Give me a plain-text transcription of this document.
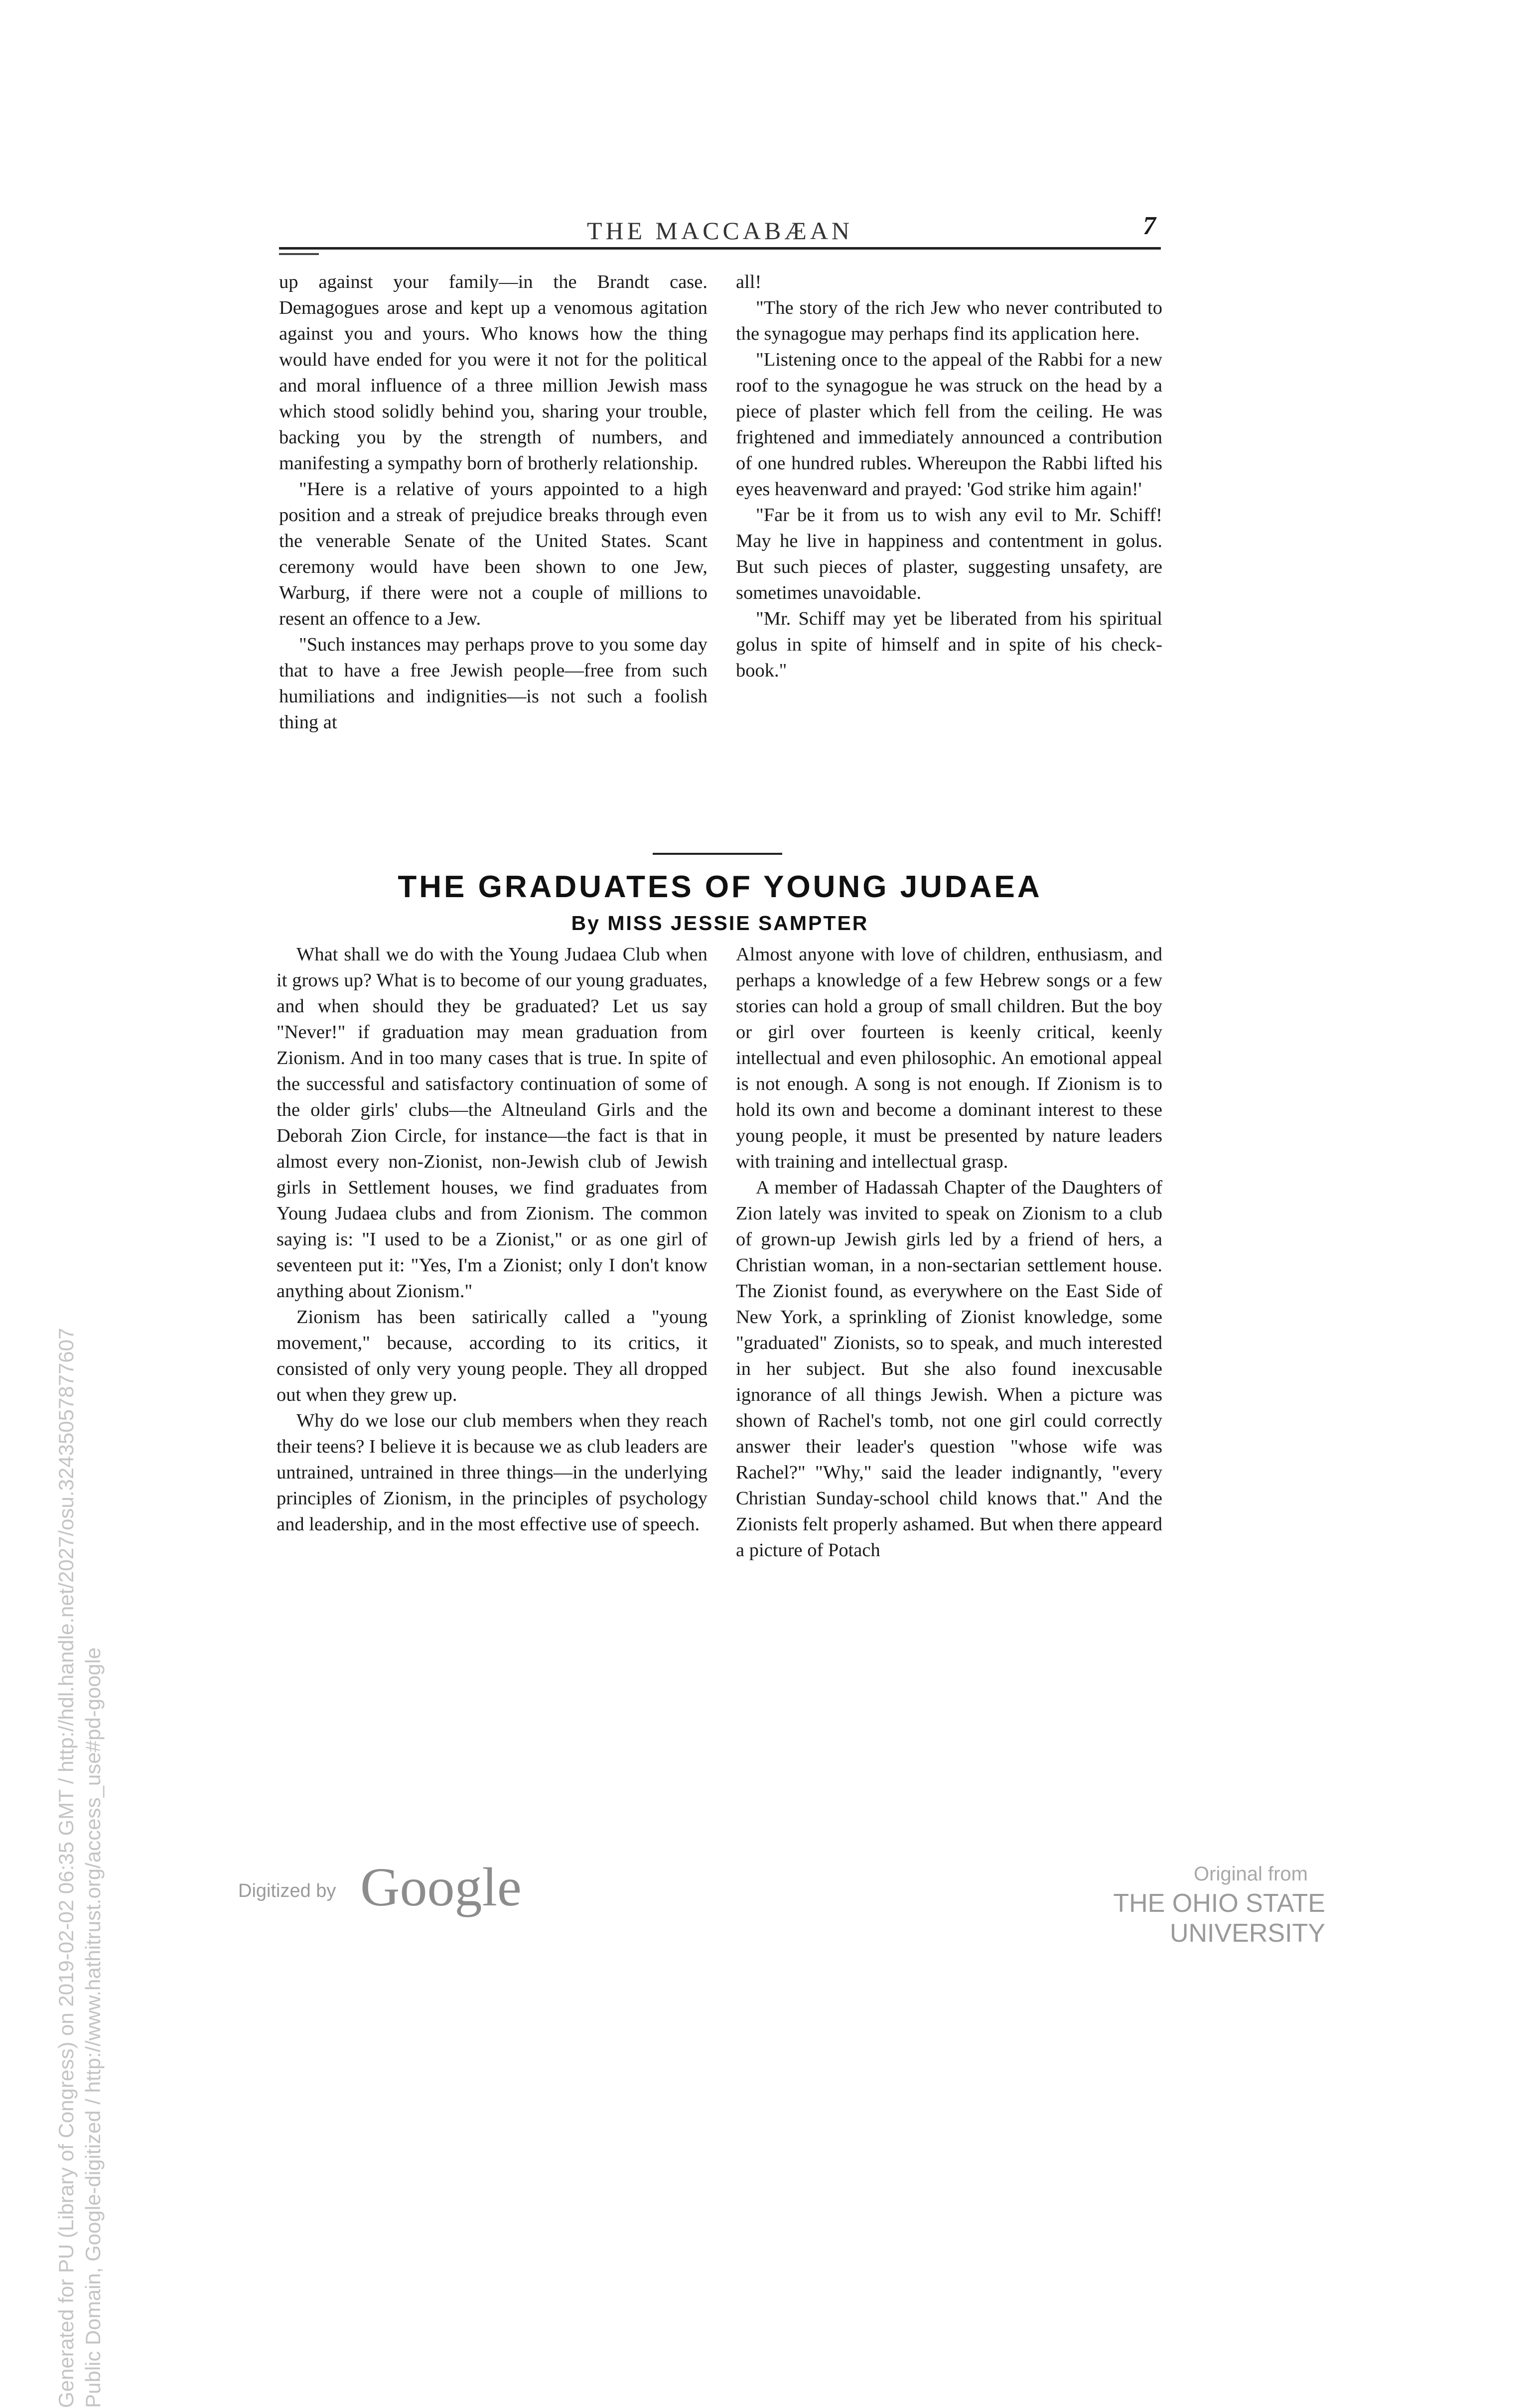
THE MACCABÆAN	7

up against your family—in the Brandt case. Demagogues arose and kept up a venomous agitation against you and yours. Who knows how the thing would have ended for you were it not for the political and moral influence of a three million Jewish mass which stood solidly behind you, sharing your trouble, backing you by the strength of numbers, and manifesting a sympathy born of brotherly relationship.

"Here is a relative of yours appointed to a high position and a streak of prejudice breaks through even the venerable Senate of the United States. Scant ceremony would have been shown to one Jew, Warburg, if there were not a couple of millions to resent an offence to a Jew.

"Such instances may perhaps prove to you some day that to have a free Jewish people—free from such humiliations and indignities—is not such a foolish thing at

all!

"The story of the rich Jew who never contributed to the synagogue may perhaps find its application here.

"Listening once to the appeal of the Rabbi for a new roof to the synagogue he was struck on the head by a piece of plaster which fell from the ceiling. He was frightened and immediately announced a contribution of one hundred rubles. Whereupon the Rabbi lifted his eyes heavenward and prayed: 'God strike him again!'

"Far be it from us to wish any evil to Mr. Schiff! May he live in happiness and contentment in golus. But such pieces of plaster, suggesting unsafety, are sometimes unavoidable.

"Mr. Schiff may yet be liberated from his spiritual golus in spite of himself and in spite of his check-book."

THE GRADUATES OF YOUNG JUDAEA
By MISS JESSIE SAMPTER

What shall we do with the Young Judaea Club when it grows up? What is to become of our young graduates, and when should they be graduated? Let us say "Never!" if graduation may mean graduation from Zionism. And in too many cases that is true. In spite of the successful and satisfactory continuation of some of the older girls' clubs—the Altneuland Girls and the Deborah Zion Circle, for instance—the fact is that in almost every non-Zionist, non-Jewish club of Jewish girls in Settlement houses, we find graduates from Young Judaea clubs and from Zionism. The common saying is: "I used to be a Zionist," or as one girl of seventeen put it: "Yes, I'm a Zionist; only I don't know anything about Zionism."

Zionism has been satirically called a "young movement," because, according to its critics, it consisted of only very young people. They all dropped out when they grew up.

Why do we lose our club members when they reach their teens? I believe it is because we as club leaders are untrained, untrained in three things—in the underlying principles of Zionism, in the principles of psychology and leadership, and in the most effective use of speech.

Almost anyone with love of children, enthusiasm, and perhaps a knowledge of a few Hebrew songs or a few stories can hold a group of small children. But the boy or girl over fourteen is keenly critical, keenly intellectual and even philosophic. An emotional appeal is not enough. A song is not enough. If Zionism is to hold its own and become a dominant interest to these young people, it must be presented by nature leaders with training and intellectual grasp.

A member of Hadassah Chapter of the Daughters of Zion lately was invited to speak on Zionism to a club of grown-up Jewish girls led by a friend of hers, a Christian woman, in a non-sectarian settlement house. The Zionist found, as everywhere on the East Side of New York, a sprinkling of Zionist knowledge, some "graduated" Zionists, so to speak, and much interested in her subject. But she also found inexcusable ignorance of all things Jewish. When a picture was shown of Rachel's tomb, not one girl could correctly answer their leader's question "whose wife was Rachel?" "Why," said the leader indignantly, "every Christian Sunday-school child knows that." And the Zionists felt properly ashamed. But when there appeard a picture of Potach

Generated for PU (Library of Congress) on 2019-02-02 06:35 GMT / http://hdl.handle.net/2027/osu.32435057877607 Public Domain, Google-digitized / http://www.hathitrust.org/access_use#pd-google	Digitized by Google	Original from
THE OHIO STATE UNIVERSITY
